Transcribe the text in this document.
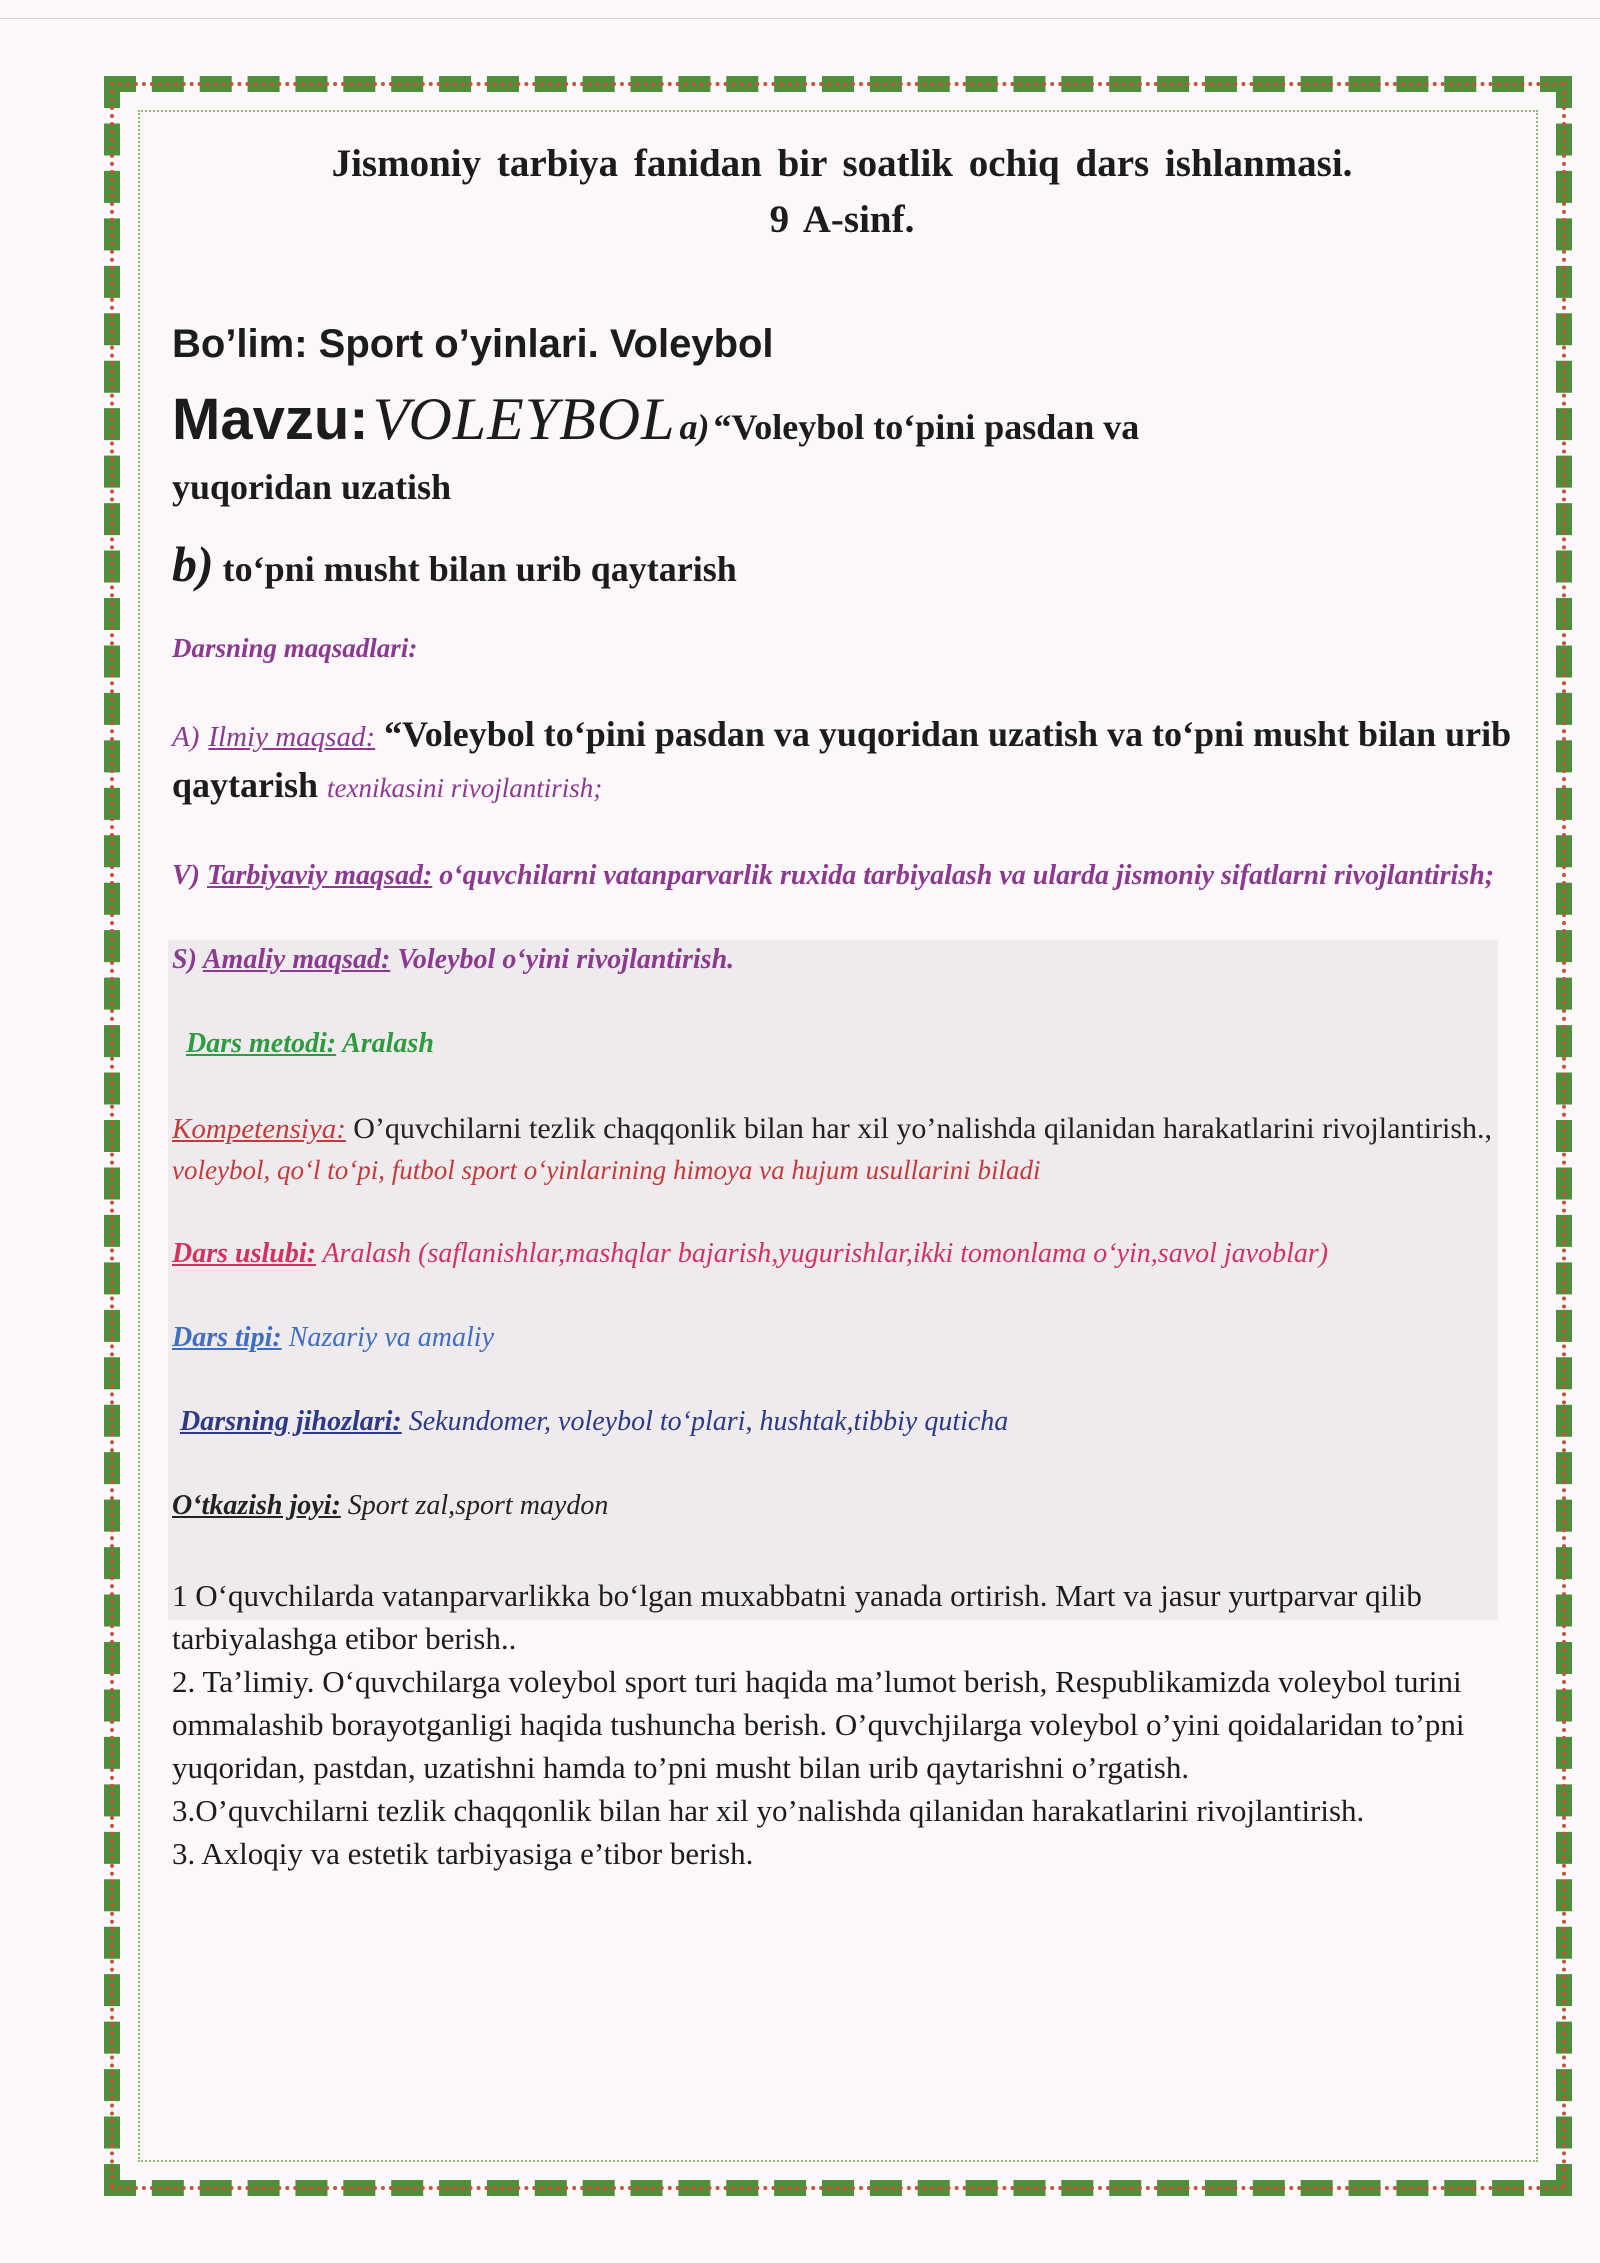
Jismoniy tarbiya fanidan bir soatlik ochiq dars ishlanmasi.
9 A-sinf.
Bo’lim: Sport o’yinlari. Voleybol
Mavzu: VOLEYBOL a) “Voleybol to‘pini pasdan va
yuqoridan uzatish
b) to‘pni musht bilan urib qaytarish
Darsning maqsadlari:
A) Ilmiy maqsad: “Voleybol to‘pini pasdan va yuqoridan uzatish va to‘pni musht bilan urib qaytarish texnikasini rivojlantirish;
V) Tarbiyaviy maqsad: o‘quvchilarni vatanparvarlik ruxida tarbiyalash va ularda jismoniy sifatlarni rivojlantirish;
S) Amaliy maqsad: Voleybol o‘yini rivojlantirish.
Dars metodi: Aralash
Kompetensiya: O’quvchilarni tezlik chaqqonlik bilan har xil yo’nalishda qilanidan harakatlarini rivojlantirish., voleybol, qo‘l to‘pi, futbol sport o‘yinlarining himoya va hujum usullarini biladi
Dars uslubi: Aralash (saflanishlar,mashqlar bajarish,yugurishlar,ikki tomonlama o‘yin,savol javoblar)
Dars tipi: Nazariy va amaliy
Darsning jihozlari: Sekundomer, voleybol to‘plari, hushtak,tibbiy quticha
O‘tkazish joyi: Sport zal,sport maydon

1 O‘quvchilarda vatanparvarlikka bo‘lgan muxabbatni yanada ortirish. Mart va jasur yurtparvar qilib tarbiyalashga etibor berish..

2. Ta’limiy. O‘quvchilarga voleybol sport turi haqida ma’lumot berish, Respublikamizda voleybol turini ommalashib borayotganligi haqida tushuncha berish. O’quvchjilarga voleybol o’yini qoidalaridan to’pni yuqoridan, pastdan, uzatishni hamda to’pni musht bilan urib qaytarishni o’rgatish.

3.O’quvchilarni tezlik chaqqonlik bilan har xil yo’nalishda qilanidan harakatlarini rivojlantirish.

3. Axloqiy va estetik tarbiyasiga e’tibor berish.
